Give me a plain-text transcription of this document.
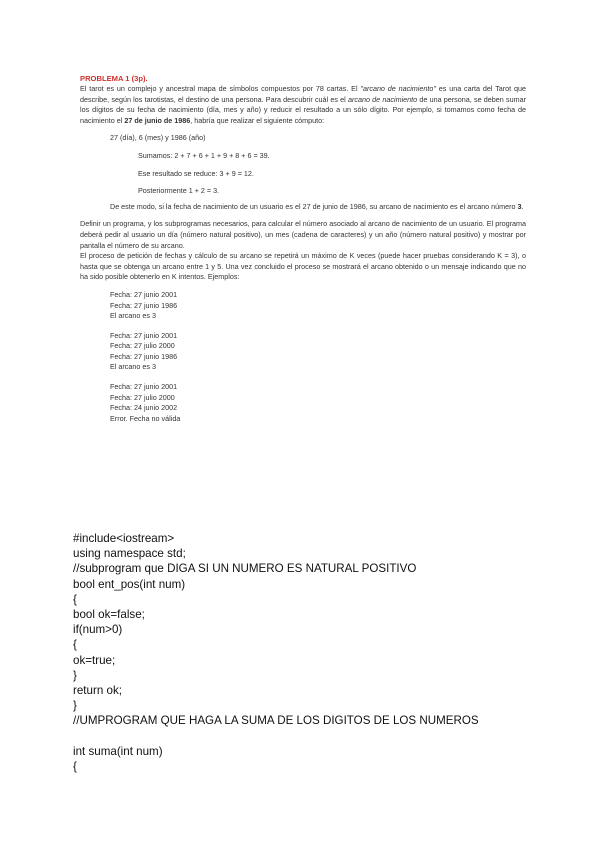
PROBLEMA 1 (3p).

El tarot es un complejo y ancestral mapa de símbolos compuestos por 78 cartas. El "arcano de nacimiento" es una carta del Tarot que describe, según los tarotistas, el destino de una persona. Para descubrir cuál es el arcano de nacimiento de una persona, se deben sumar los dígitos de su fecha de nacimiento (día, mes y año) y reducir el resultado a un sólo dígito. Por ejemplo, si tomamos como fecha de nacimiento el 27 de junio de 1986, habría que realizar el siguiente cómputo:

27 (día), 6 (mes) y 1986 (año)

Sumamos: 2 + 7 + 6 + 1 + 9 + 8 + 6 = 39.

Ese resultado se reduce: 3 + 9 = 12.

Posteriormente 1 + 2 = 3.

De este modo, si la fecha de nacimiento de un usuario es el 27 de junio de 1986, su arcano de nacimiento es el arcano número 3.

Definir un programa, y los subprogramas necesarios, para calcular el número asociado al arcano de nacimiento de un usuario. El programa deberá pedir al usuario un día (número natural positivo), un mes (cadena de caracteres) y un año (número natural positivo) y mostrar por pantalla el número de su arcano.

El proceso de petición de fechas y cálculo de su arcano se repetirá un máximo de K veces (puede hacer pruebas considerando K = 3), o hasta que se obtenga un arcano entre 1 y 5. Una vez concluido el proceso se mostrará el arcano obtenido o un mensaje indicando que no ha sido posible obtenerlo en K intentos. Ejemplos:

Fecha: 27 junio 2001

Fecha: 27 junio 1986

El arcano es 3

Fecha: 27 junio 2001

Fecha: 27 julio 2000

Fecha: 27 junio 1986

El arcano es 3

Fecha: 27 junio 2001

Fecha: 27 julio 2000

Fecha: 24 junio 2002

Error. Fecha no válida

#include<iostream>
using namespace std;
//subprogram que DIGA SI UN NUMERO ES NATURAL POSITIVO
bool ent_pos(int num)
{
bool ok=false;
if(num>0)
{
ok=true;
}
return ok;
}
//UMPROGRAM QUE HAGA LA SUMA DE LOS DIGITOS DE LOS NUMEROS
int suma(int num)
{
